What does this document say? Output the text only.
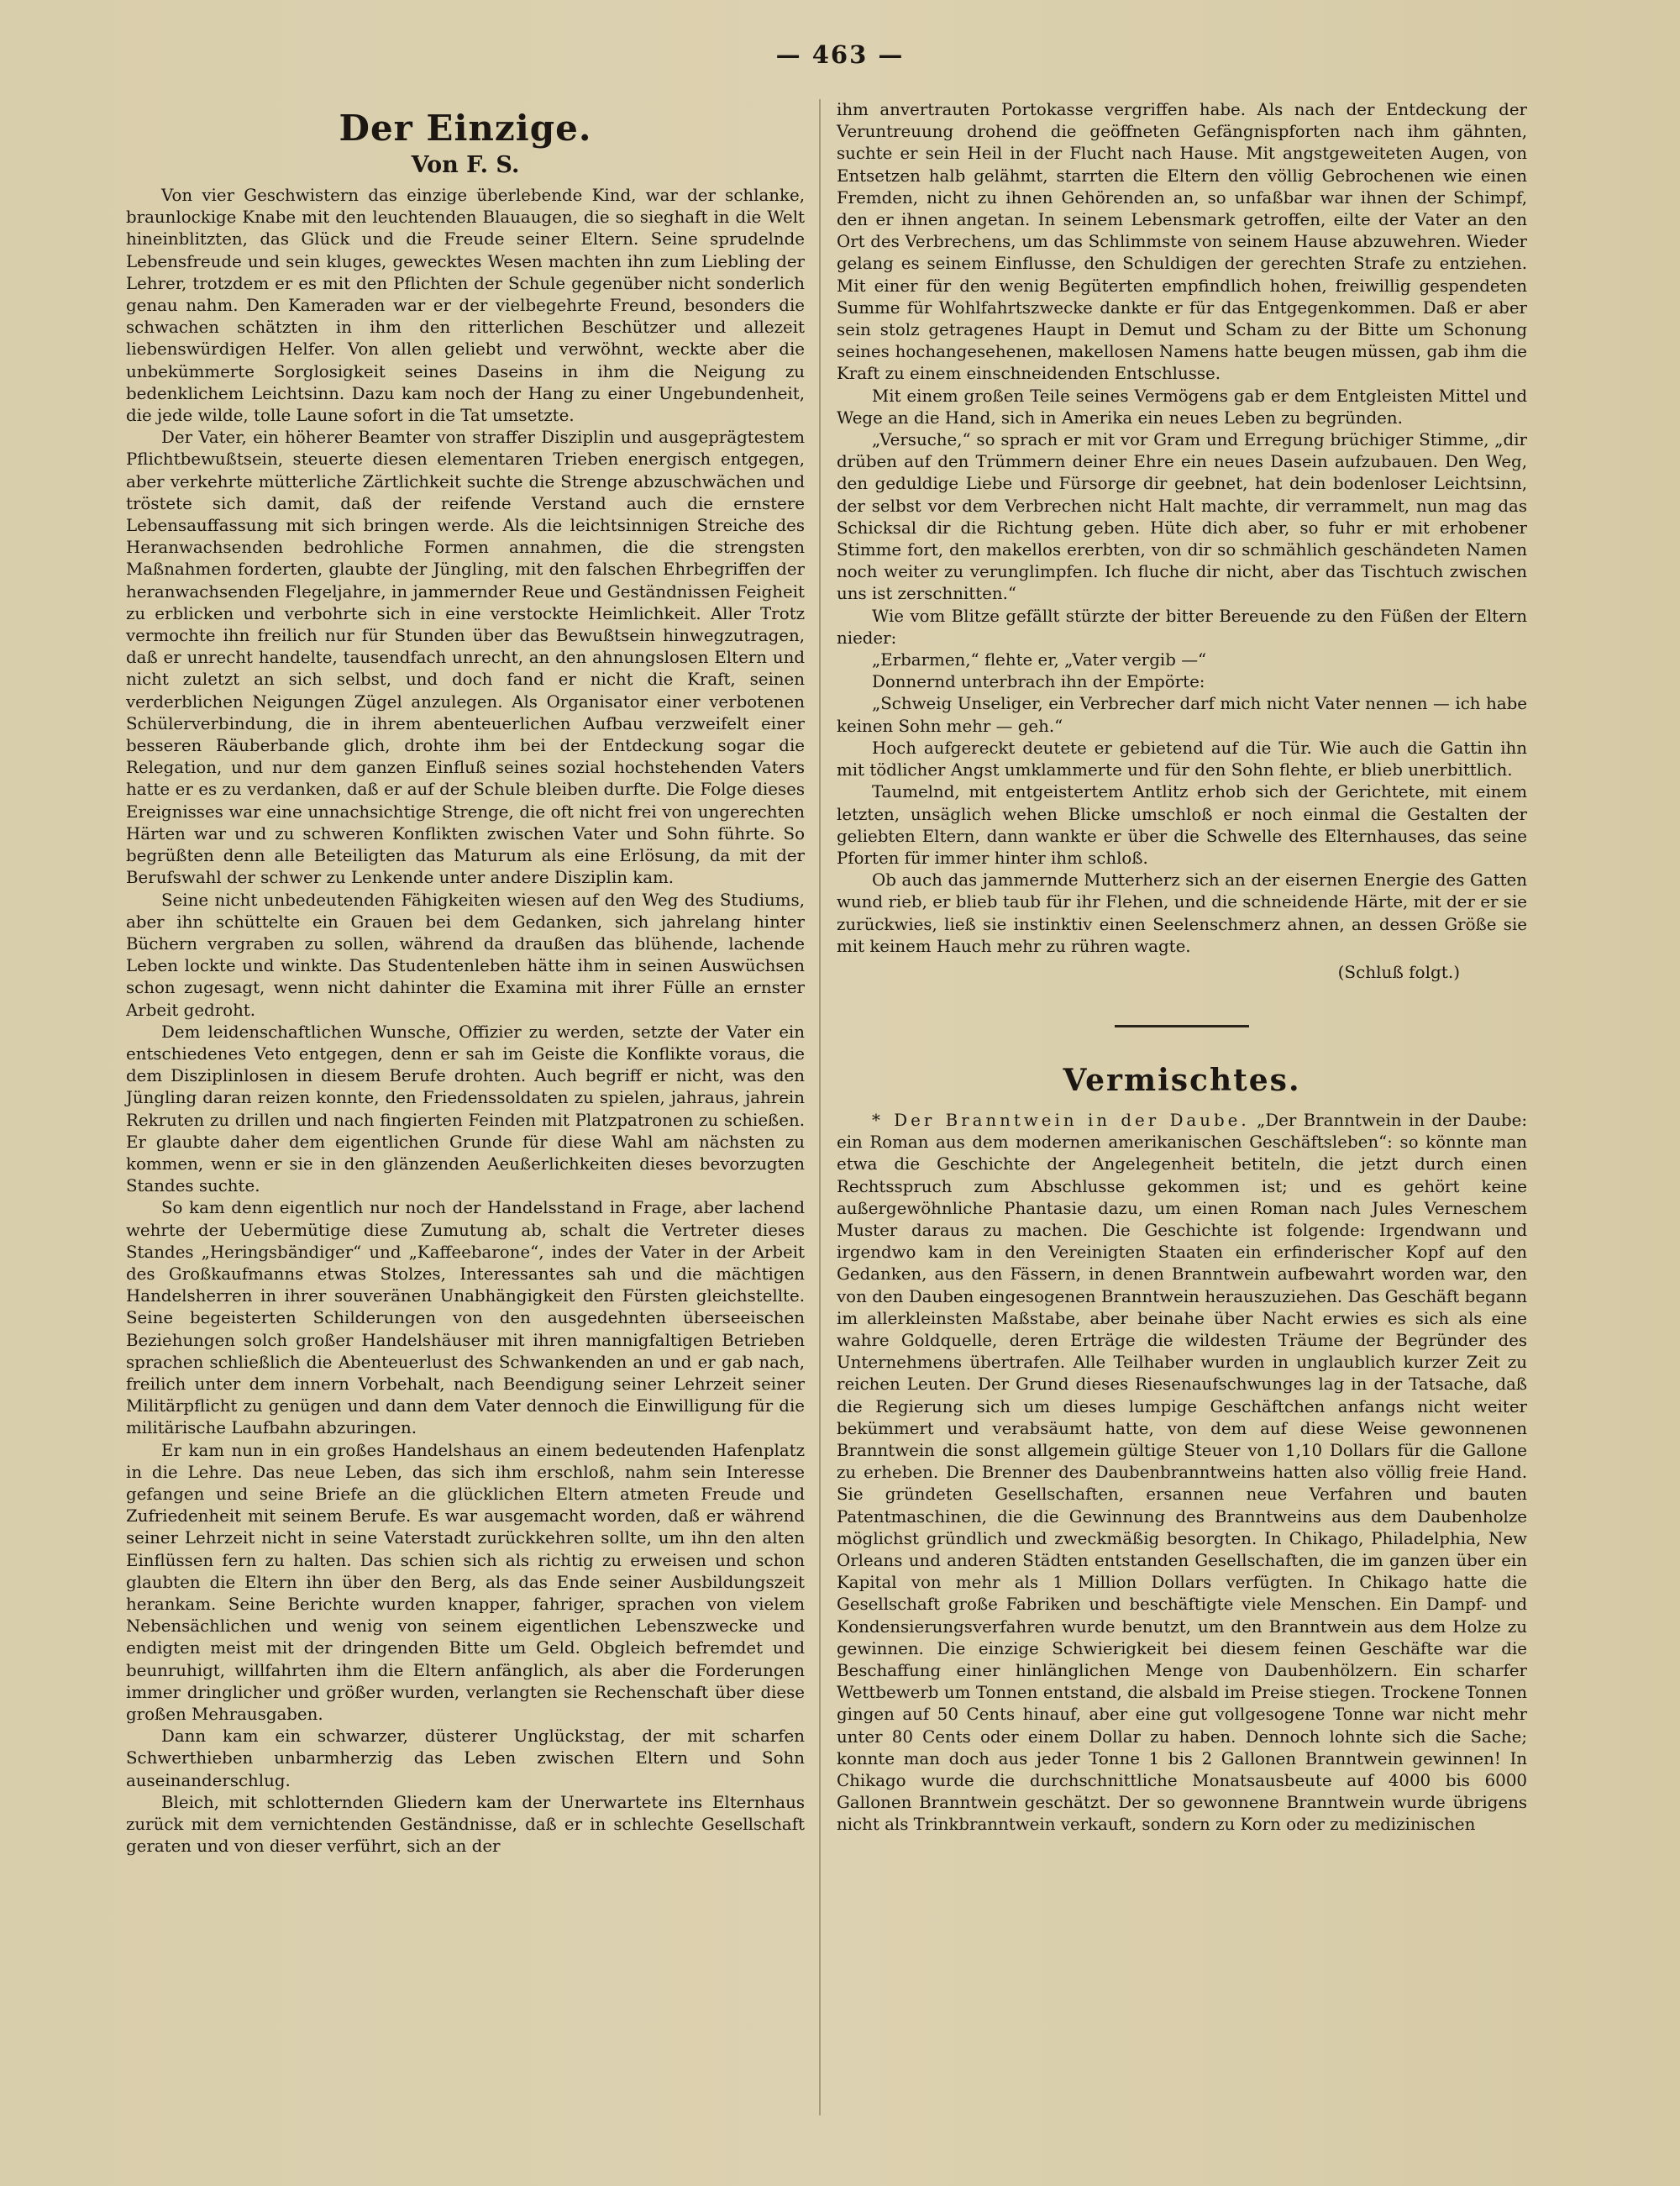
— 463 —
Der Einzige.
Von F. S.

Von vier Geschwistern das einzige überlebende Kind, war der schlanke, braunlockige Knabe mit den leuchtenden Blauaugen, die so sieghaft in die Welt hineinblitzten, das Glück und die Freude seiner Eltern. Seine sprudelnde Lebensfreude und sein kluges, gewecktes Wesen machten ihn zum Liebling der Lehrer, trotzdem er es mit den Pflichten der Schule gegenüber nicht sonderlich genau nahm. Den Kameraden war er der vielbegehrte Freund, besonders die schwachen schätzten in ihm den ritterlichen Beschützer und allezeit liebenswürdigen Helfer. Von allen geliebt und verwöhnt, weckte aber die unbekümmerte Sorglosigkeit seines Daseins in ihm die Neigung zu bedenklichem Leichtsinn. Dazu kam noch der Hang zu einer Ungebundenheit, die jede wilde, tolle Laune sofort in die Tat umsetzte.

Der Vater, ein höherer Beamter von straffer Disziplin und ausgeprägtestem Pflichtbewußtsein, steuerte diesen elementaren Trieben energisch entgegen, aber verkehrte mütterliche Zärtlichkeit suchte die Strenge abzuschwächen und tröstete sich damit, daß der reifende Verstand auch die ernstere Lebensauffassung mit sich bringen werde. Als die leichtsinnigen Streiche des Heranwachsenden bedrohliche Formen annahmen, die die strengsten Maßnahmen forderten, glaubte der Jüngling, mit den falschen Ehrbegriffen der heranwachsenden Flegeljahre, in jammernder Reue und Geständnissen Feigheit zu erblicken und verbohrte sich in eine verstockte Heimlichkeit. Aller Trotz vermochte ihn freilich nur für Stunden über das Bewußtsein hinwegzutragen, daß er unrecht handelte, tausendfach unrecht, an den ahnungslosen Eltern und nicht zuletzt an sich selbst, und doch fand er nicht die Kraft, seinen verderblichen Neigungen Zügel anzulegen. Als Organisator einer verbotenen Schülerverbindung, die in ihrem abenteuerlichen Aufbau verzweifelt einer besseren Räuberbande glich, drohte ihm bei der Entdeckung sogar die Relegation, und nur dem ganzen Einfluß seines sozial hochstehenden Vaters hatte er es zu verdanken, daß er auf der Schule bleiben durfte. Die Folge dieses Ereignisses war eine unnachsichtige Strenge, die oft nicht frei von ungerechten Härten war und zu schweren Konflikten zwischen Vater und Sohn führte. So begrüßten denn alle Beteiligten das Maturum als eine Erlösung, da mit der Berufswahl der schwer zu Lenkende unter andere Disziplin kam.

Seine nicht unbedeutenden Fähigkeiten wiesen auf den Weg des Studiums, aber ihn schüttelte ein Grauen bei dem Gedanken, sich jahrelang hinter Büchern vergraben zu sollen, während da draußen das blühende, lachende Leben lockte und winkte. Das Studentenleben hätte ihm in seinen Auswüchsen schon zugesagt, wenn nicht dahinter die Examina mit ihrer Fülle an ernster Arbeit gedroht.

Dem leidenschaftlichen Wunsche, Offizier zu werden, setzte der Vater ein entschiedenes Veto entgegen, denn er sah im Geiste die Konflikte voraus, die dem Disziplinlosen in diesem Berufe drohten. Auch begriff er nicht, was den Jüngling daran reizen konnte, den Friedenssoldaten zu spielen, jahraus, jahrein Rekruten zu drillen und nach fingierten Feinden mit Platzpatronen zu schießen. Er glaubte daher dem eigentlichen Grunde für diese Wahl am nächsten zu kommen, wenn er sie in den glänzenden Aeußerlichkeiten dieses bevorzugten Standes suchte.

So kam denn eigentlich nur noch der Handelsstand in Frage, aber lachend wehrte der Uebermütige diese Zumutung ab, schalt die Vertreter dieses Standes „Heringsbändiger“ und „Kaffeebarone“, indes der Vater in der Arbeit des Großkaufmanns etwas Stolzes, Interessantes sah und die mächtigen Handelsherren in ihrer souveränen Unabhängigkeit den Fürsten gleichstellte. Seine begeisterten Schilderungen von den ausgedehnten überseeischen Beziehungen solch großer Handelshäuser mit ihren mannigfaltigen Betrieben sprachen schließlich die Abenteuerlust des Schwankenden an und er gab nach, freilich unter dem innern Vorbehalt, nach Beendigung seiner Lehrzeit seiner Militärpflicht zu genügen und dann dem Vater dennoch die Einwilligung für die militärische Laufbahn abzuringen.

Er kam nun in ein großes Handelshaus an einem bedeutenden Hafenplatz in die Lehre. Das neue Leben, das sich ihm erschloß, nahm sein Interesse gefangen und seine Briefe an die glücklichen Eltern atmeten Freude und Zufriedenheit mit seinem Berufe. Es war ausgemacht worden, daß er während seiner Lehrzeit nicht in seine Vaterstadt zurückkehren sollte, um ihn den alten Einflüssen fern zu halten. Das schien sich als richtig zu erweisen und schon glaubten die Eltern ihn über den Berg, als das Ende seiner Ausbildungszeit herankam. Seine Berichte wurden knapper, fahriger, sprachen von vielem Nebensächlichen und wenig von seinem eigentlichen Lebenszwecke und endigten meist mit der dringenden Bitte um Geld. Obgleich befremdet und beunruhigt, willfahrten ihm die Eltern anfänglich, als aber die Forderungen immer dringlicher und größer wurden, verlangten sie Rechenschaft über diese großen Mehrausgaben.

Dann kam ein schwarzer, düsterer Unglückstag, der mit scharfen Schwerthieben unbarmherzig das Leben zwischen Eltern und Sohn auseinanderschlug.

Bleich, mit schlotternden Gliedern kam der Unerwartete ins Elternhaus zurück mit dem vernichtenden Geständnisse, daß er in schlechte Gesellschaft geraten und von dieser verführt, sich an der

ihm anvertrauten Portokasse vergriffen habe. Als nach der Entdeckung der Veruntreuung drohend die geöffneten Gefängnispforten nach ihm gähnten, suchte er sein Heil in der Flucht nach Hause. Mit angstgeweiteten Augen, von Entsetzen halb gelähmt, starrten die Eltern den völlig Gebrochenen wie einen Fremden, nicht zu ihnen Gehörenden an, so unfaßbar war ihnen der Schimpf, den er ihnen angetan. In seinem Lebensmark getroffen, eilte der Vater an den Ort des Verbrechens, um das Schlimmste von seinem Hause abzuwehren. Wieder gelang es seinem Einflusse, den Schuldigen der gerechten Strafe zu entziehen. Mit einer für den wenig Begüterten empfindlich hohen, freiwillig gespendeten Summe für Wohlfahrtszwecke dankte er für das Entgegenkommen. Daß er aber sein stolz getragenes Haupt in Demut und Scham zu der Bitte um Schonung seines hochangesehenen, makellosen Namens hatte beugen müssen, gab ihm die Kraft zu einem einschneidenden Entschlusse.

Mit einem großen Teile seines Vermögens gab er dem Entgleisten Mittel und Wege an die Hand, sich in Amerika ein neues Leben zu begründen.

„Versuche,“ so sprach er mit vor Gram und Erregung brüchiger Stimme, „dir drüben auf den Trümmern deiner Ehre ein neues Dasein aufzubauen. Den Weg, den geduldige Liebe und Fürsorge dir geebnet, hat dein bodenloser Leichtsinn, der selbst vor dem Verbrechen nicht Halt machte, dir verrammelt, nun mag das Schicksal dir die Richtung geben. Hüte dich aber, so fuhr er mit erhobener Stimme fort, den makellos ererbten, von dir so schmählich geschändeten Namen noch weiter zu verunglimpfen. Ich fluche dir nicht, aber das Tischtuch zwischen uns ist zerschnitten.“

Wie vom Blitze gefällt stürzte der bitter Bereuende zu den Füßen der Eltern nieder:

„Erbarmen,“ flehte er, „Vater vergib —“

Donnernd unterbrach ihn der Empörte:

„Schweig Unseliger, ein Verbrecher darf mich nicht Vater nennen — ich habe keinen Sohn mehr — geh.“

Hoch aufgereckt deutete er gebietend auf die Tür. Wie auch die Gattin ihn mit tödlicher Angst umklammerte und für den Sohn flehte, er blieb unerbittlich.

Taumelnd, mit entgeistertem Antlitz erhob sich der Gerichtete, mit einem letzten, unsäglich wehen Blicke umschloß er noch einmal die Gestalten der geliebten Eltern, dann wankte er über die Schwelle des Elternhauses, das seine Pforten für immer hinter ihm schloß.

Ob auch das jammernde Mutterherz sich an der eisernen Energie des Gatten wund rieb, er blieb taub für ihr Flehen, und die schneidende Härte, mit der er sie zurückwies, ließ sie instinktiv einen Seelenschmerz ahnen, an dessen Größe sie mit keinem Hauch mehr zu rühren wagte.

(Schluß folgt.)
Vermischtes.

* Der Branntwein in der Daube. „Der Branntwein in der Daube: ein Roman aus dem modernen amerikanischen Geschäftsleben“: so könnte man etwa die Geschichte der Angelegenheit betiteln, die jetzt durch einen Rechtsspruch zum Abschlusse gekommen ist; und es gehört keine außergewöhnliche Phantasie dazu, um einen Roman nach Jules Verneschem Muster daraus zu machen. Die Geschichte ist folgende: Irgendwann und irgendwo kam in den Vereinigten Staaten ein erfinderischer Kopf auf den Gedanken, aus den Fässern, in denen Branntwein aufbewahrt worden war, den von den Dauben eingesogenen Branntwein herauszuziehen. Das Geschäft begann im allerkleinsten Maßstabe, aber beinahe über Nacht erwies es sich als eine wahre Goldquelle, deren Erträge die wildesten Träume der Begründer des Unternehmens übertrafen. Alle Teilhaber wurden in unglaublich kurzer Zeit zu reichen Leuten. Der Grund dieses Riesenaufschwunges lag in der Tatsache, daß die Regierung sich um dieses lumpige Geschäftchen anfangs nicht weiter bekümmert und verabsäumt hatte, von dem auf diese Weise gewonnenen Branntwein die sonst allgemein gültige Steuer von 1,10 Dollars für die Gallone zu erheben. Die Brenner des Daubenbranntweins hatten also völlig freie Hand. Sie gründeten Gesellschaften, ersannen neue Verfahren und bauten Patentmaschinen, die die Gewinnung des Branntweins aus dem Daubenholze möglichst gründlich und zweckmäßig besorgten. In Chikago, Philadelphia, New Orleans und anderen Städten entstanden Gesellschaften, die im ganzen über ein Kapital von mehr als 1 Million Dollars verfügten. In Chikago hatte die Gesellschaft große Fabriken und beschäftigte viele Menschen. Ein Dampf- und Kondensierungsverfahren wurde benutzt, um den Branntwein aus dem Holze zu gewinnen. Die einzige Schwierigkeit bei diesem feinen Geschäfte war die Beschaffung einer hinlänglichen Menge von Daubenhölzern. Ein scharfer Wettbewerb um Tonnen entstand, die alsbald im Preise stiegen. Trockene Tonnen gingen auf 50 Cents hinauf, aber eine gut vollgesogene Tonne war nicht mehr unter 80 Cents oder einem Dollar zu haben. Dennoch lohnte sich die Sache; konnte man doch aus jeder Tonne 1 bis 2 Gallonen Branntwein gewinnen! In Chikago wurde die durchschnittliche Monatsausbeute auf 4000 bis 6000 Gallonen Branntwein geschätzt. Der so gewonnene Branntwein wurde übrigens nicht als Trinkbranntwein verkauft, sondern zu Korn oder zu medizinischen
